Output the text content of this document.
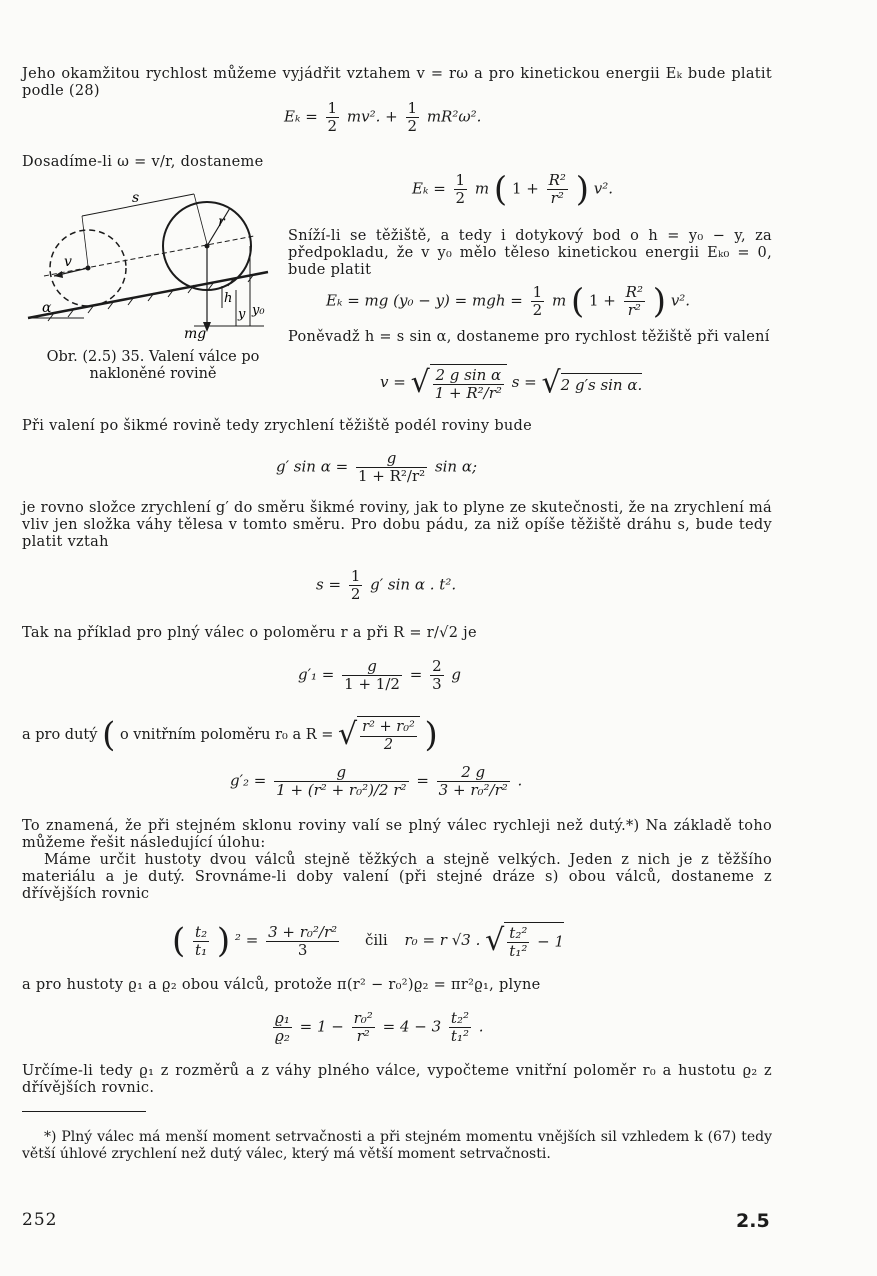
Jeho okamžitou rychlost můžeme vyjádřit vztahem v = rω a pro kinetickou energii Eₖ bude platit podle (28)
$E_k = \frac{1}{2} mv^2$. + $\frac{1}{2} mR^2\omega^2$.
Dosadíme-li ω = v/r, dostaneme
$E_k = \frac{1}{2}$ m ( $1 + \frac{\text{R²}}{\text{r²}}$ ) v².
s
r
v
α
mg
h
y y₀
Obr. (2.5) 35. Valení válce po nakloněné rovině
Sníží-li se těžiště, a tedy i dotykový bod o h = y₀ − y, za předpokladu, že v y₀ mělo těleso kinetickou energii Eₖ₀ = 0, bude platit
Eₖ = mg (y₀ − y) = mgh = $\frac{1}{2}$ m ( $1 + \frac{\text{R²}}{\text{r²}}$ ) v².
Poněvadž h = s sin α, dostaneme pro rychlost těžiště při valení
v = √ $\frac{\text{2 g sin α}}{\text{1 + R²/r²}}$ s = √2 g′s sin α.
Při valení po šikmé rovině tedy zrychlení těžiště podél roviny bude
g′ $\sin \alpha = \frac{g}{\text{1 + R²/r²}}$ sin α;
je rovno složce zrychlení g′ do směru šikmé roviny, jak to plyne ze skutečnosti, že na zrychlení má vliv jen složka váhy tělesa v tomto směru. Pro dobu pádu, za niž opíše těžiště dráhu s, bude tedy platit vztah
$s = \frac{1}{2} g'$ sin α . t².
Tak na příklad pro plný válec o poloměru r a při R = r/√2 je
$g'_1 = \frac{g}{1 + 1/2} = \frac{2}{3}$ g
a pro dutý ( o vnitřním poloměru r₀ a R = √ $\frac{\text{r² + r₀²}}{2}$ )
$g'_2 = \frac{g}{\text{1 + (r² + r₀²)/2 r²}} = \frac{2 g}{\text{3 + r₀²/r²}}$ .
To znamená, že při stejném sklonu roviny valí se plný válec rychleji než dutý.*) Na základě toho můžeme řešit následující úlohu:
Máme určit hustoty dvou válců stejně těžkých a stejně velkých. Jeden z nich je z těžšího materiálu a je dutý. Srovnáme-li doby valení (při stejné dráze s) obou válců, dostaneme z dřívějších rovnic
( $\frac{\text{t₂}}{\text{t₁}}$ ) $^2 = \frac{\text{3 + r₀²/r²}}{3}$ čili r₀ = r √3 . √ $\frac{\text{t₂²}}{\text{t₁²}} - 1$
a pro hustoty ϱ₁ a ϱ₂ obou válců, protože π(r² − r₀²)ϱ₂ = πr²ϱ₁, plyne
$\frac{\text{ϱ₁}}{\text{ϱ₂}} = 1 - \frac{\text{r₀²}}{\text{r²}} = 4 - 3 \frac{\text{t₂²}}{\text{t₁²}}$ .
Určíme-li tedy ϱ₁ z rozměrů a z váhy plného válce, vypočteme vnitřní poloměr r₀ a hustotu ϱ₂ z dřívějších rovnic.
*) Plný válec má menší moment setrvačnosti a při stejném momentu vnějších sil vzhledem k (67) tedy větší úhlové zrychlení než dutý válec, který má větší moment setrvačnosti.
252	2.5
